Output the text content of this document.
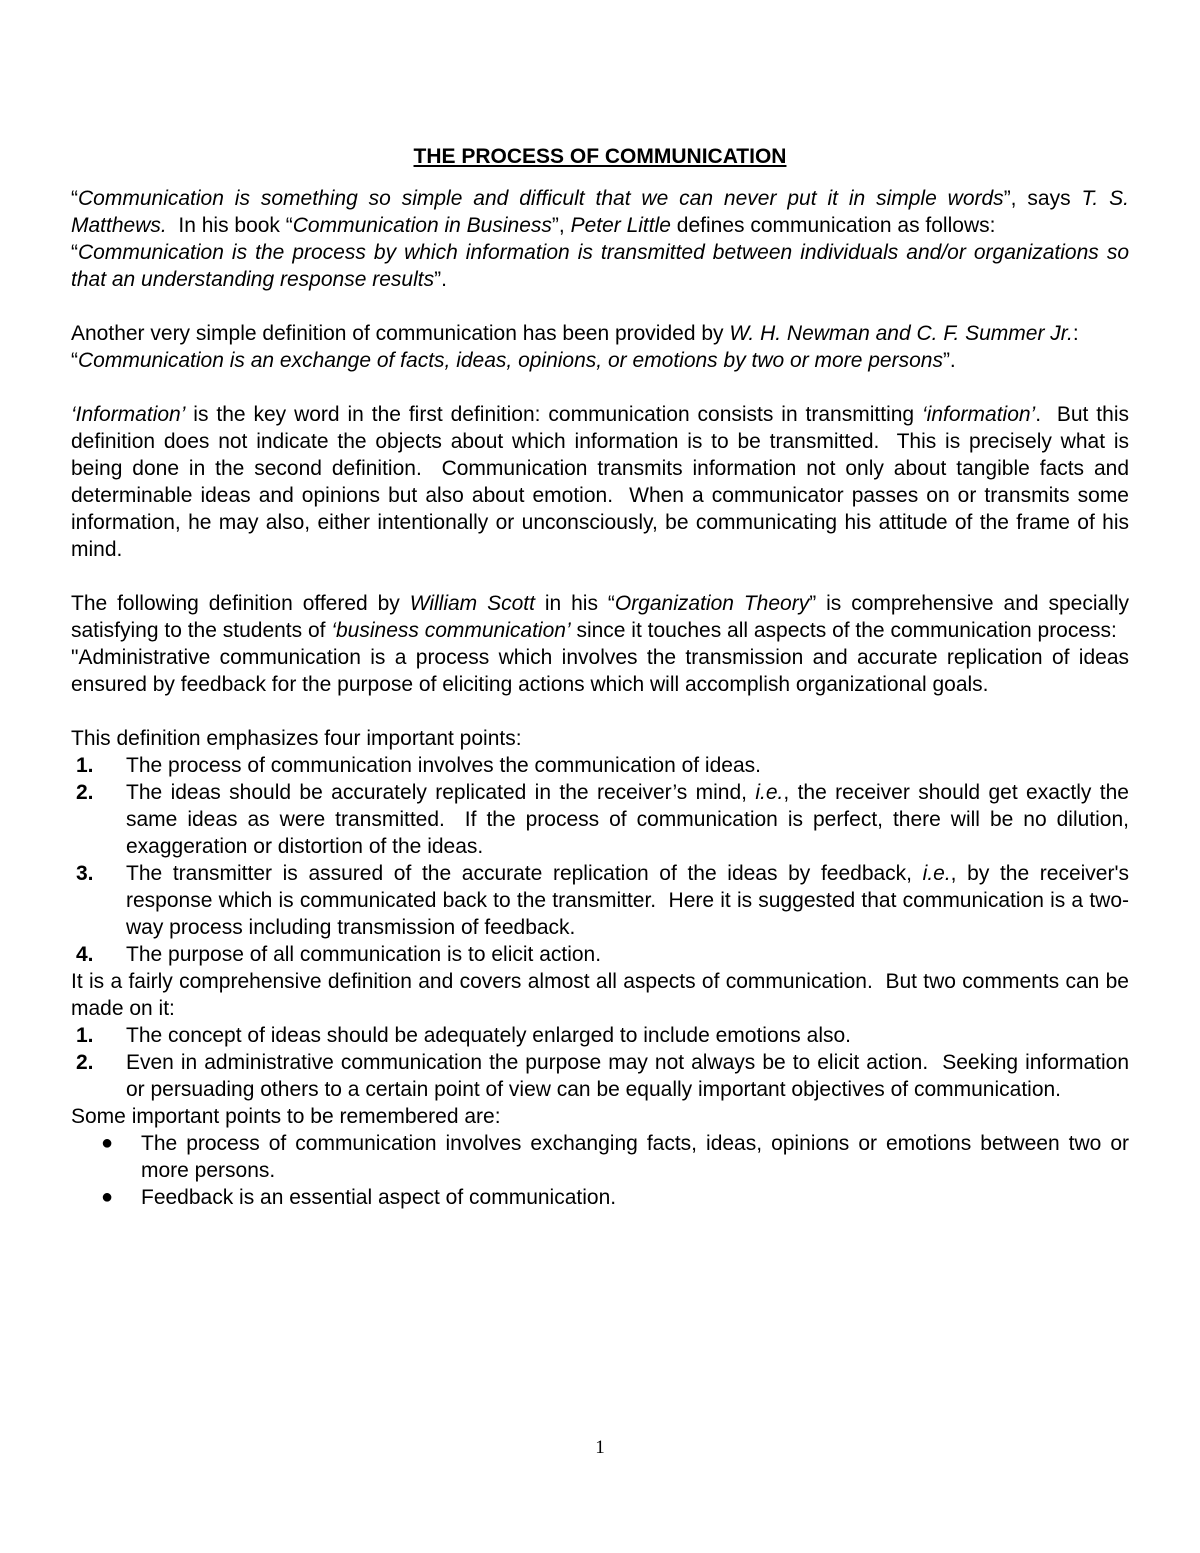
THE PROCESS OF COMMUNICATION

“Communication is something so simple and difficult that we can never put it in simple words”, says T. S. Matthews.  In his book “Communication in Business”, Peter Little defines communication as follows:

“Communication is the process by which information is transmitted between individuals and/or organizations so that an understanding response results”.

Another very simple definition of communication has been provided by W. H. Newman and C. F. Summer Jr.:

“Communication is an exchange of facts, ideas, opinions, or emotions by two or more persons”.

‘Information’ is the key word in the first definition: communication consists in transmitting ‘information’.  But this definition does not indicate the objects about which information is to be transmitted.  This is precisely what is being done in the second definition.  Communication transmits information not only about tangible facts and determinable ideas and opinions but also about emotion.  When a communicator passes on or transmits some information, he may also, either intentionally or unconsciously, be communicating his attitude of the frame of his mind.

The following definition offered by William Scott in his “Organization Theory” is comprehensive and specially satisfying to the students of ‘business communication’ since it touches all aspects of the communication process:

"Administrative communication is a process which involves the transmission and accurate replication of ideas ensured by feedback for the purpose of eliciting actions which will accomplish organizational goals.

This definition emphasizes four important points:

1. The process of communication involves the communication of ideas.
2. The ideas should be accurately replicated in the receiver’s mind, i.e., the receiver should get exactly the same ideas as were transmitted.  If the process of communication is perfect, there will be no dilution, exaggeration or distortion of the ideas.
3. The transmitter is assured of the accurate replication of the ideas by feedback, i.e., by the receiver's response which is communicated back to the transmitter.  Here it is suggested that communication is a two-way process including transmission of feedback.
4. The purpose of all communication is to elicit action.

It is a fairly comprehensive definition and covers almost all aspects of communication.  But two comments can be made on it:

1. The concept of ideas should be adequately enlarged to include emotions also.
2. Even in administrative communication the purpose may not always be to elicit action.  Seeking information or persuading others to a certain point of view can be equally important objectives of communication.

Some important points to be remembered are:

● The process of communication involves exchanging facts, ideas, opinions or emotions between two or more persons.
● Feedback is an essential aspect of communication.
1
